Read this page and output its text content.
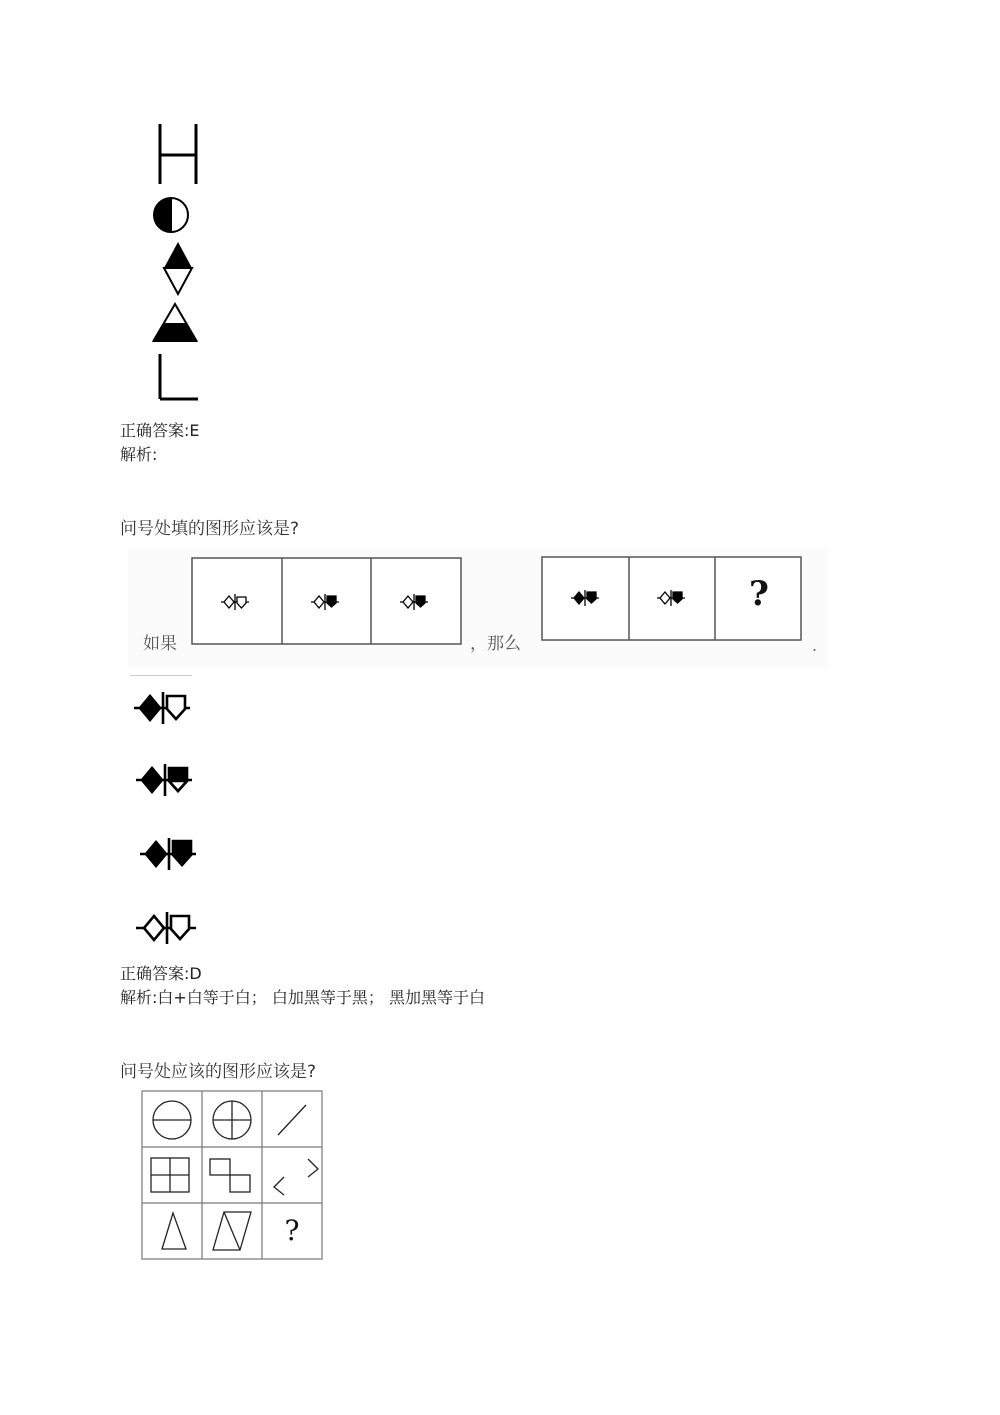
正确答案:E
解析:
问号处填的图形应该是?
如果	，那么
?
.
正确答案:D
解析:白+白等于白； 白加黑等于黑； 黑加黑等于白
问号处应该的图形应该是?
?
